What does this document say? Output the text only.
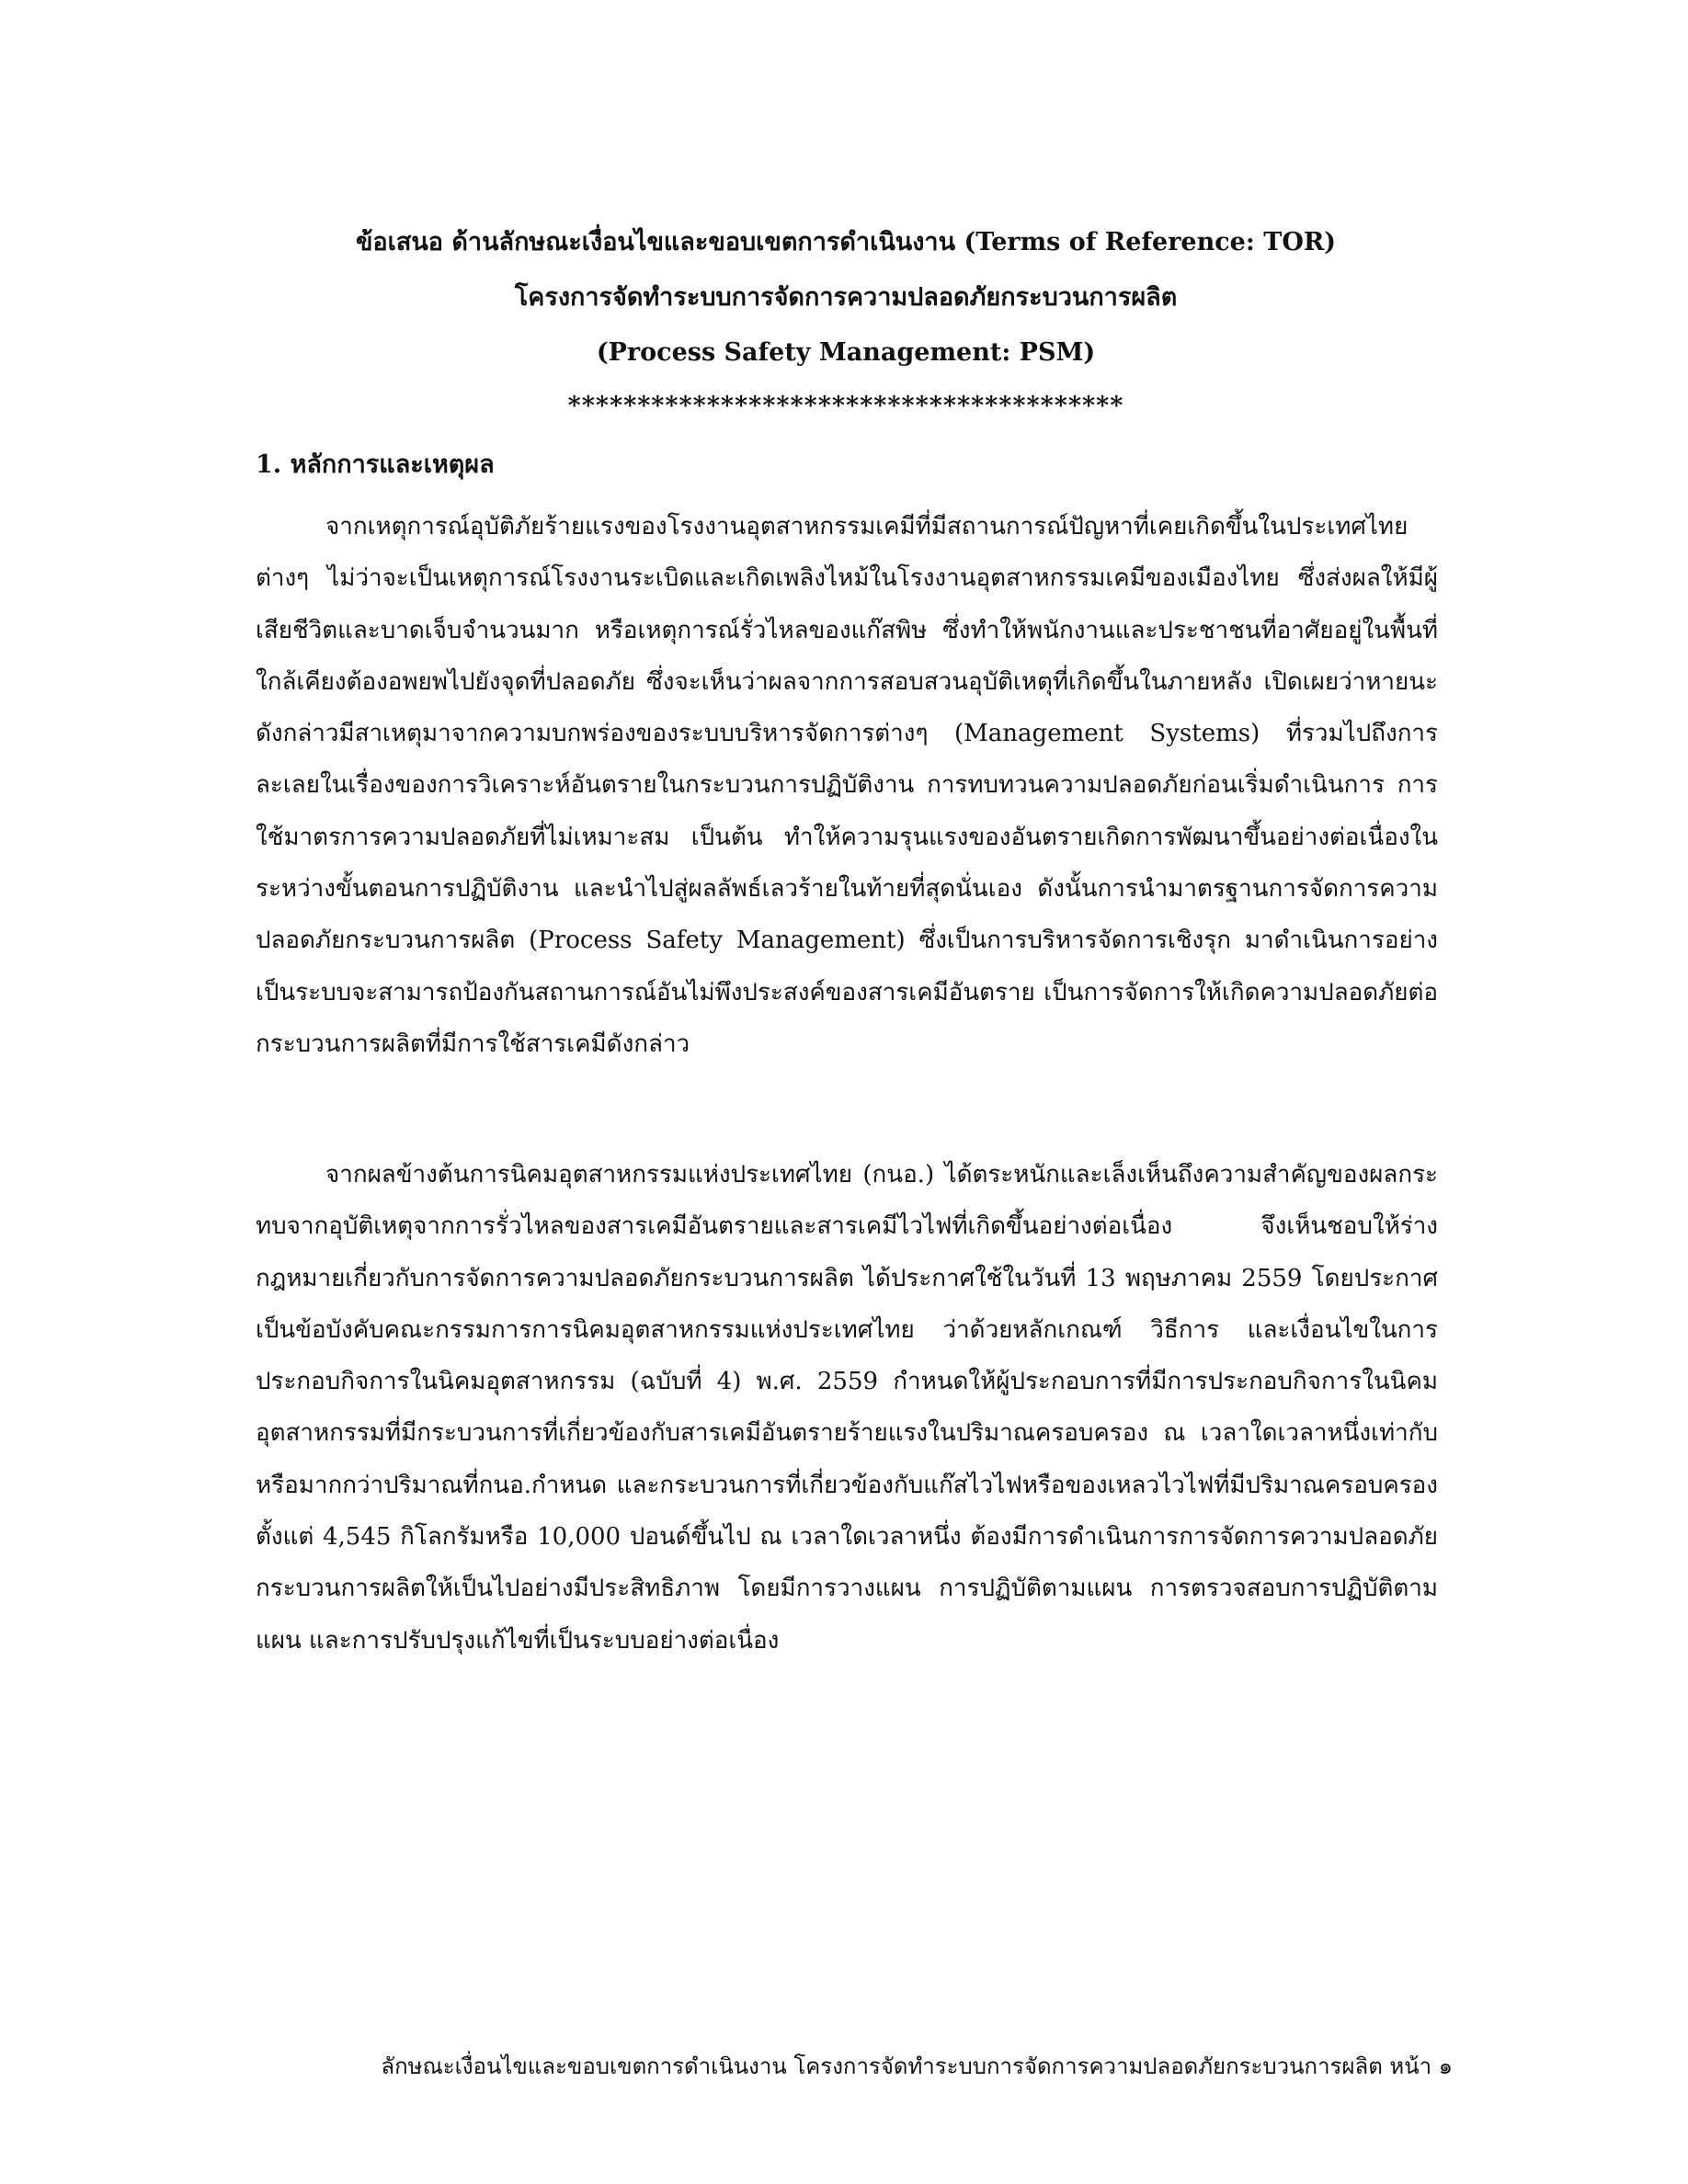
ข้อเสนอ ด้านลักษณะเงื่อนไขและขอบเขตการดำเนินงาน (Terms of Reference: TOR)
โครงการจัดทำระบบการจัดการความปลอดภัยกระบวนการผลิต
(Process Safety Management: PSM)
****************************************
1. หลักการและเหตุผล

จากเหตุการณ์อุบัติภัยร้ายแรงของโรงงานอุตสาหกรรมเคมีที่มีสถานการณ์ปัญหาที่เคยเกิดขึ้นในประเทศไทยต่างๆ ไม่ว่าจะเป็นเหตุการณ์โรงงานระเบิดและเกิดเพลิงไหม้ในโรงงานอุตสาหกรรมเคมีของเมืองไทย ซึ่งส่งผลให้มีผู้เสียชีวิตและบาดเจ็บจำนวนมาก หรือเหตุการณ์รั่วไหลของแก๊สพิษ ซึ่งทำให้พนักงานและประชาชนที่อาศัยอยู่ในพื้นที่ใกล้เคียงต้องอพยพไปยังจุดที่ปลอดภัย ซึ่งจะเห็นว่าผลจากการสอบสวนอุบัติเหตุที่เกิดขึ้นในภายหลัง เปิดเผยว่าหายนะดังกล่าวมีสาเหตุมาจากความบกพร่องของระบบบริหารจัดการต่างๆ (Management Systems) ที่รวมไปถึงการละเลยในเรื่องของการวิเคราะห์อันตรายในกระบวนการปฏิบัติงาน การทบทวนความปลอดภัยก่อนเริ่มดำเนินการ การใช้มาตรการความปลอดภัยที่ไม่เหมาะสม เป็นต้น ทำให้ความรุนแรงของอันตรายเกิดการพัฒนาขึ้นอย่างต่อเนื่องในระหว่างขั้นตอนการปฏิบัติงาน และนำไปสู่ผลลัพธ์เลวร้ายในท้ายที่สุดนั่นเอง ดังนั้นการนำมาตรฐานการจัดการความปลอดภัยกระบวนการผลิต (Process Safety Management) ซึ่งเป็นการบริหารจัดการเชิงรุก มาดำเนินการอย่างเป็นระบบจะสามารถป้องกันสถานการณ์อันไม่พึงประสงค์ของสารเคมีอันตราย เป็นการจัดการให้เกิดความปลอดภัยต่อกระบวนการผลิตที่มีการใช้สารเคมีดังกล่าว

จากผลข้างต้นการนิคมอุตสาหกรรมแห่งประเทศไทย (กนอ.) ได้ตระหนักและเล็งเห็นถึงความสำคัญของผลกระทบจากอุบัติเหตุจากการรั่วไหลของสารเคมีอันตรายและสารเคมีไวไฟที่เกิดขึ้นอย่างต่อเนื่อง จึงเห็นชอบให้ร่างกฎหมายเกี่ยวกับการจัดการความปลอดภัยกระบวนการผลิต ได้ประกาศใช้ในวันที่ 13 พฤษภาคม 2559 โดยประกาศเป็นข้อบังคับคณะกรรมการการนิคมอุตสาหกรรมแห่งประเทศไทย ว่าด้วยหลักเกณฑ์ วิธีการ และเงื่อนไขในการประกอบกิจการในนิคมอุตสาหกรรม (ฉบับที่ 4) พ.ศ. 2559 กำหนดให้ผู้ประกอบการที่มีการประกอบกิจการในนิคมอุตสาหกรรมที่มีกระบวนการที่เกี่ยวข้องกับสารเคมีอันตรายร้ายแรงในปริมาณครอบครอง ณ เวลาใดเวลาหนึ่งเท่ากับหรือมากกว่าปริมาณที่กนอ.กำหนด และกระบวนการที่เกี่ยวข้องกับแก๊สไวไฟหรือของเหลวไวไฟที่มีปริมาณครอบครองตั้งแต่ 4,545 กิโลกรัมหรือ 10,000 ปอนด์ขึ้นไป ณ เวลาใดเวลาหนึ่ง ต้องมีการดำเนินการการจัดการความปลอดภัยกระบวนการผลิตให้เป็นไปอย่างมีประสิทธิภาพ โดยมีการวางแผน การปฏิบัติตามแผน การตรวจสอบการปฏิบัติตามแผน และการปรับปรุงแก้ไขที่เป็นระบบอย่างต่อเนื่อง

ลักษณะเงื่อนไขและขอบเขตการดำเนินงาน โครงการจัดทำระบบการจัดการความปลอดภัยกระบวนการผลิต หน้า ๑
